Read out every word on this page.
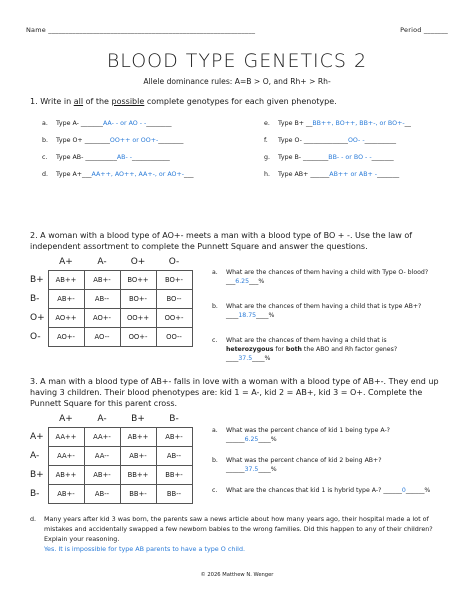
Name ____________________________________________________________	Period _______
BLOOD TYPE GENETICS 2
Allele dominance rules: A=B > O, and Rh+ > Rh-
1. Write in all of the possible complete genotypes for each given phenotype.
a. Type A- _______AA- - or AO - -________	e. Type B+ __BB++, BO++, BB+-, or BO+-__
b. Type O+ ________OO++ or OO+-________	f. Type O- ______________OO- -__________
c. Type AB- __________AB- -____________	g. Type B- ________BB- - or BO - -_______
d. Type A+___AA++, AO++, AA+-, or AO+-___	h. Type AB+ ______AB++ or AB+ -_______
2. A woman with a blood type of AO+- meets a man with a blood type of BO + -. Use the law of independent assortment to complete the Punnett Square and answer the questions.
	A+	A-	O+	O-
B+	AB++	AB+-	BO++	BO+-
B-	AB+-	AB--	BO+-	BO--
O+	AO++	AO+-	OO++	OO+-
O-	AO+-	AO--	OO+-	OO--
a.	What are the chances of them having a child with Type O- blood? ___6.25___%
b.	What are the chances of them having a child that is type AB+? ____18.75____%
c.	What are the chances of them having a child that is heterozygous for both the ABO and Rh factor genes? ____37.5____%
3. A man with a blood type of AB+- falls in love with a woman with a blood type of AB+-. They end up having 3 children. Their blood phenotypes are: kid 1 = A-, kid 2 = AB+, kid 3 = O+. Complete the Punnett Square for this parent cross.
	A+	A-	B+	B-
A+	AA++	AA+-	AB++	AB+-
A-	AA+-	AA--	AB+-	AB--
B+	AB++	AB+-	BB++	BB+-
B-	AB+-	AB--	BB+-	BB--
a.	What was the percent chance of kid 1 being type A-? ______6.25____%
b.	What was the percent chance of kid 2 being AB+? ______37.5____%
c.	What are the chances that kid 1 is hybrid type A-? ______0______%
d.	Many years after kid 3 was born, the parents saw a news article about how many years ago, their hospital made a lot of mistakes and accidentally swapped a few newborn babies to the wrong families. Did this happen to any of their children? Explain your reasoning.
Yes. It is impossible for type AB parents to have a type O child.
© 2026 Matthew N. Wenger
